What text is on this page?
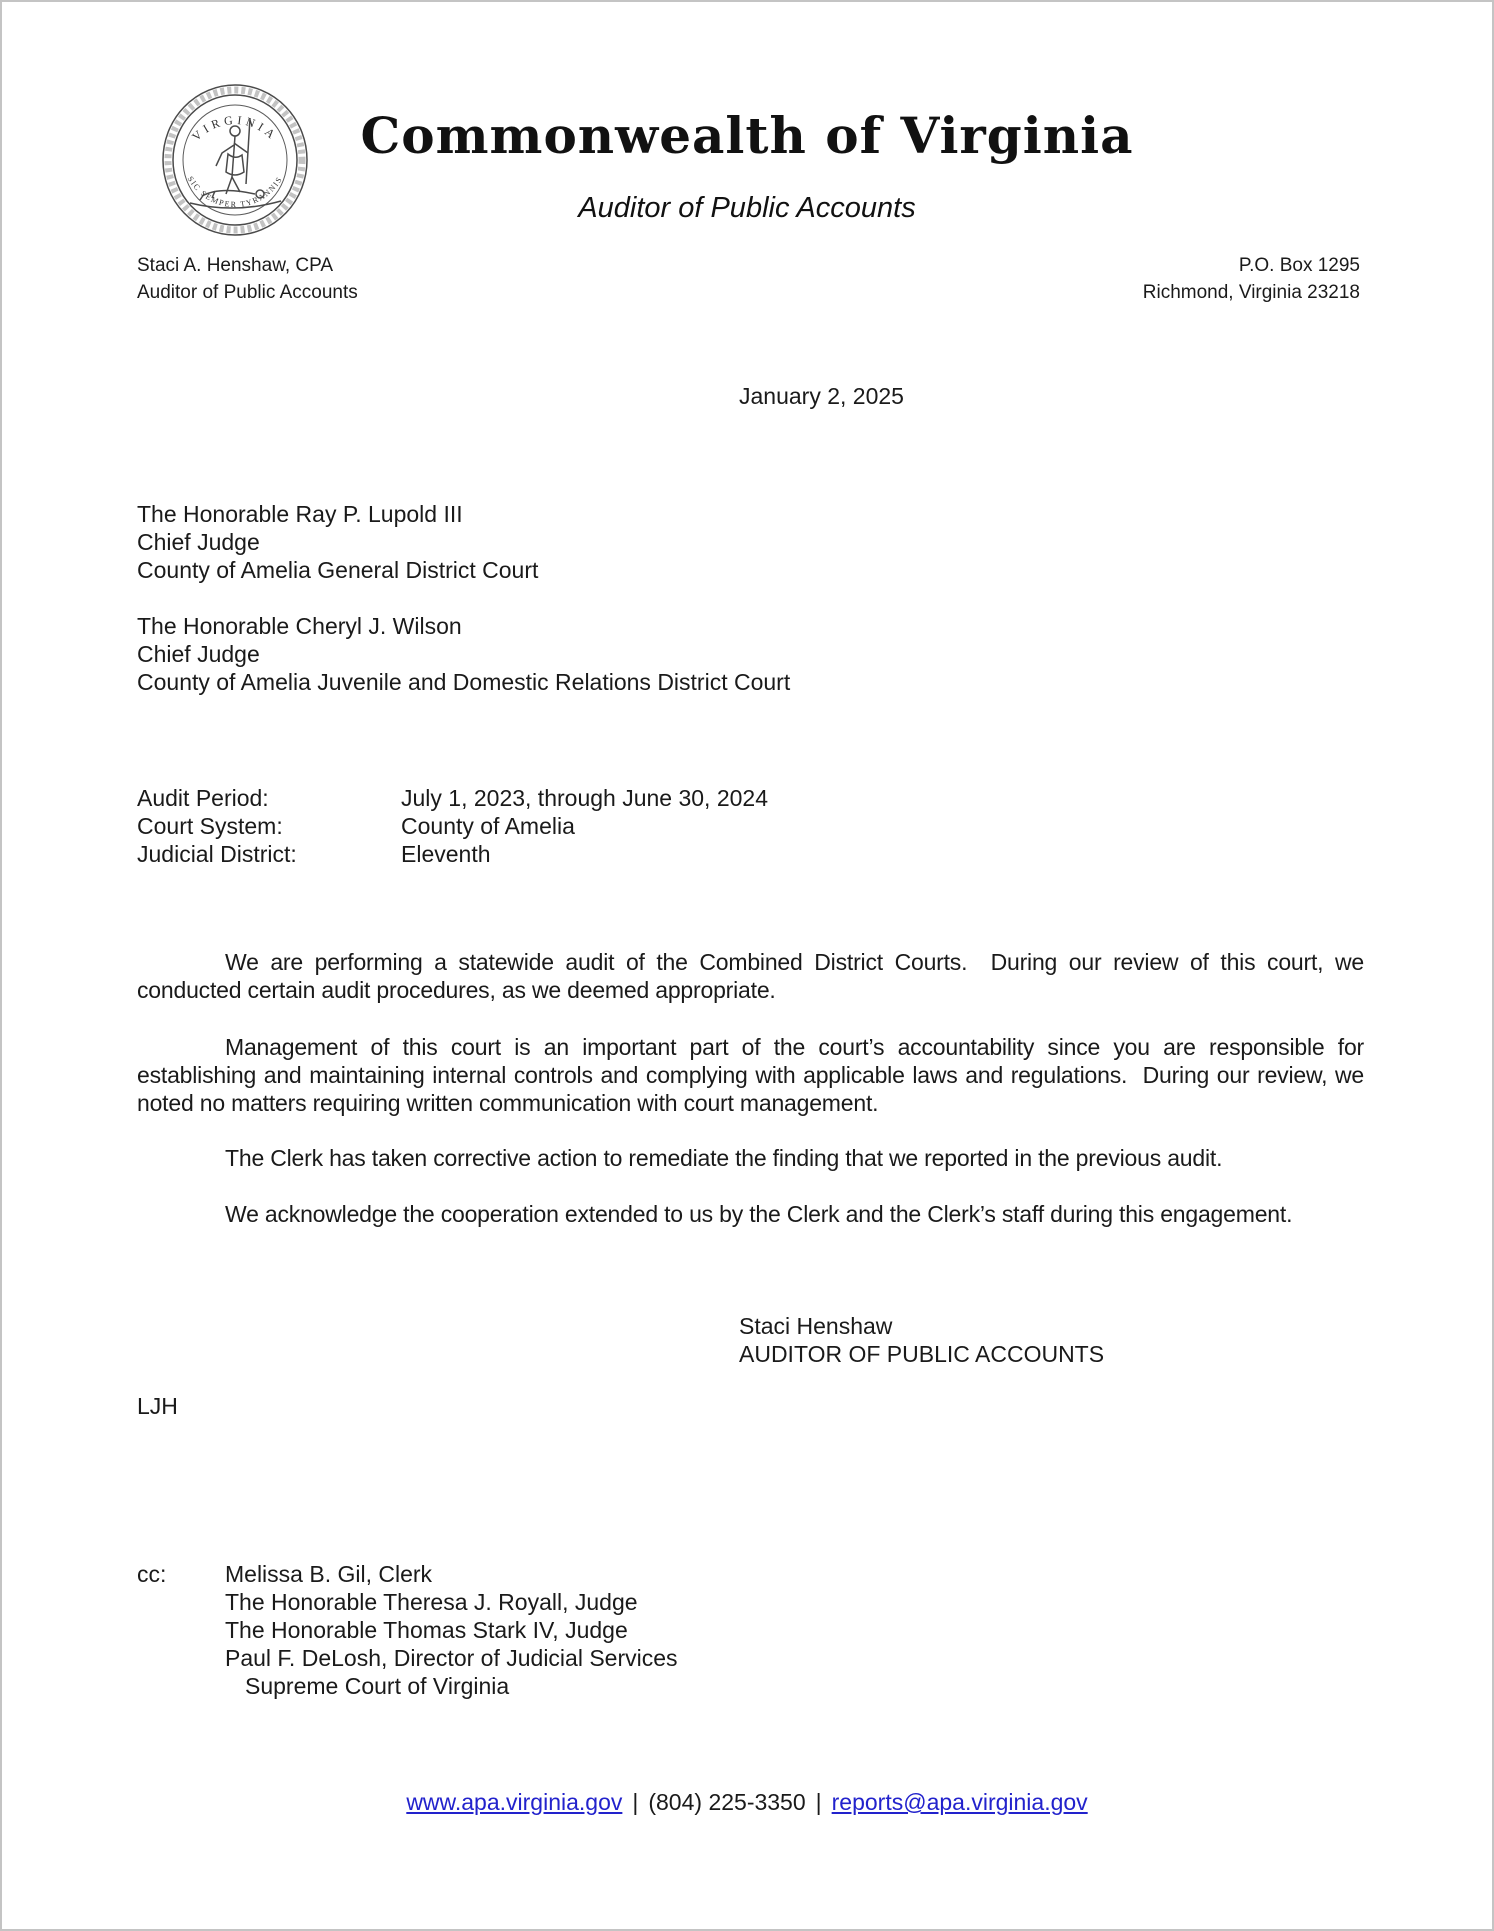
VIRGINIA
SIC SEMPER TYRANNIS
Commonwealth of Virginia
Auditor of Public Accounts
Staci A. Henshaw, CPA
Auditor of Public Accounts
P.O. Box 1295
Richmond, Virginia 23218
January 2, 2025
The Honorable Ray P. Lupold III
Chief Judge
County of Amelia General District Court
The Honorable Cheryl J. Wilson
Chief Judge
County of Amelia Juvenile and Domestic Relations District Court
Audit Period:	July 1, 2023, through June 30, 2024
Court System:	County of Amelia
Judicial District:	Eleventh
We are performing a statewide audit of the Combined District Courts.  During our review of this court, we conducted certain audit procedures, as we deemed appropriate.
Management of this court is an important part of the court’s accountability since you are responsible for establishing and maintaining internal controls and complying with applicable laws and regulations.  During our review, we noted no matters requiring written communication with court management.
The Clerk has taken corrective action to remediate the finding that we reported in the previous audit.
We acknowledge the cooperation extended to us by the Clerk and the Clerk’s staff during this engagement.
Staci Henshaw
AUDITOR OF PUBLIC ACCOUNTS
LJH
cc:	Melissa B. Gil, Clerk
The Honorable Theresa J. Royall, Judge
The Honorable Thomas Stark IV, Judge
Paul F. DeLosh, Director of Judicial Services
Supreme Court of Virginia
www.apa.virginia.gov | (804) 225-3350 | reports@apa.virginia.gov
